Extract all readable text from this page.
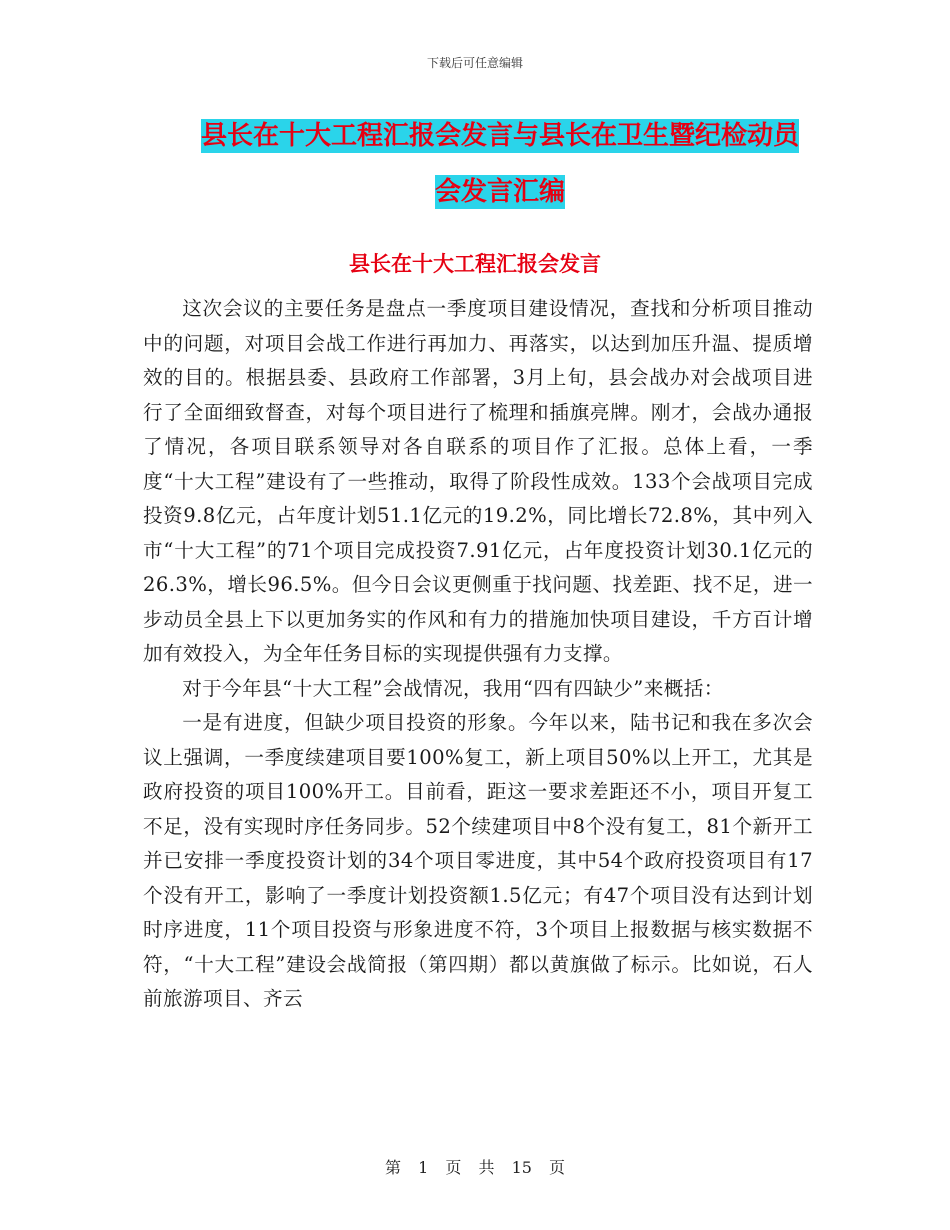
下载后可任意编辑
县长在十大工程汇报会发言与县长在卫生暨纪检动员
会发言汇编
县长在十大工程汇报会发言

这次会议的主要任务是盘点一季度项目建设情况，查找和分析项目推动中的问题，对项目会战工作进行再加力、再落实，以达到加压升温、提质增效的目的。根据县委、县政府工作部署，3月上旬，县会战办对会战项目进行了全面细致督查，对每个项目进行了梳理和插旗亮牌。刚才，会战办通报了情况，各项目联系领导对各自联系的项目作了汇报。总体上看，一季度“十大工程”建设有了一些推动，取得了阶段性成效。133个会战项目完成投资9.8亿元，占年度计划51.1亿元的19.2%，同比增长72.8%，其中列入市“十大工程”的71个项目完成投资7.91亿元，占年度投资计划30.1亿元的26.3%，增长96.5%。但今日会议更侧重于找问题、找差距、找不足，进一步动员全县上下以更加务实的作风和有力的措施加快项目建设，千方百计增加有效投入，为全年任务目标的实现提供强有力支撑。

对于今年县“十大工程”会战情况，我用“四有四缺少”来概括：

一是有进度，但缺少项目投资的形象。今年以来，陆书记和我在多次会议上强调，一季度续建项目要100%复工，新上项目50%以上开工，尤其是政府投资的项目100%开工。目前看，距这一要求差距还不小，项目开复工不足，没有实现时序任务同步。52个续建项目中8个没有复工，81个新开工并已安排一季度投资计划的34个项目零进度，其中54个政府投资项目有17个没有开工，影响了一季度计划投资额1.5亿元；有47个项目没有达到计划时序进度，11个项目投资与形象进度不符，3个项目上报数据与核实数据不符，“十大工程”建设会战简报（第四期）都以黄旗做了标示。比如说，石人前旅游项目、齐云

第 1 页 共 15 页
